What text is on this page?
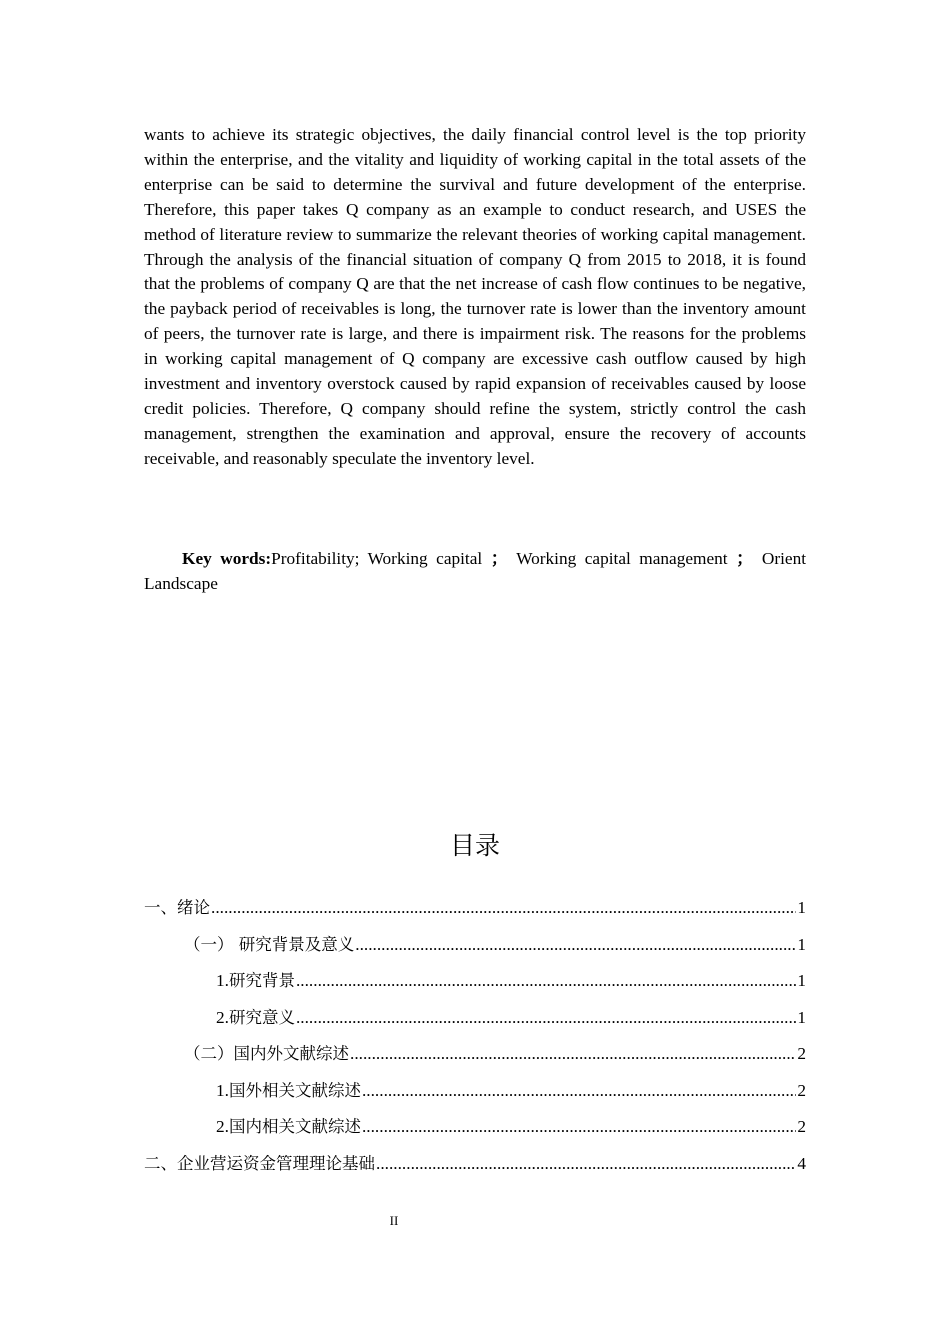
wants to achieve its strategic objectives, the daily financial control level is the top priority within the enterprise, and the vitality and liquidity of working capital in the total assets of the enterprise can be said to determine the survival and future development of the enterprise. Therefore, this paper takes Q company as an example to conduct research, and USES the method of literature review to summarize the relevant theories of working capital management. Through the analysis of the financial situation of company Q from 2015 to 2018, it is found that the problems of company Q are that the net increase of cash flow continues to be negative, the payback period of receivables is long, the turnover rate is lower than the inventory amount of peers, the turnover rate is large, and there is impairment risk. The reasons for the problems in working capital management of Q company are excessive cash outflow caused by high investment and inventory overstock caused by rapid expansion of receivables caused by loose credit policies. Therefore, Q company should refine the system, strictly control the cash management, strengthen the examination and approval, ensure the recovery of accounts receivable, and reasonably speculate the inventory level.

Key words:Profitability; Working capital ； Working capital management ； Orient Landscape

目录
一、绪论 .....	1
（一） 研究背景及意义 .....	1
1. 研究背景 .....	1
2. 研究意义 .....	1
（二）国内外文献综述 .....	2
1. 国外相关文献综述 .....	2
2. 国内相关文献综述 .....	2
二、企业营运资金管理理论基础 .....	4

II
